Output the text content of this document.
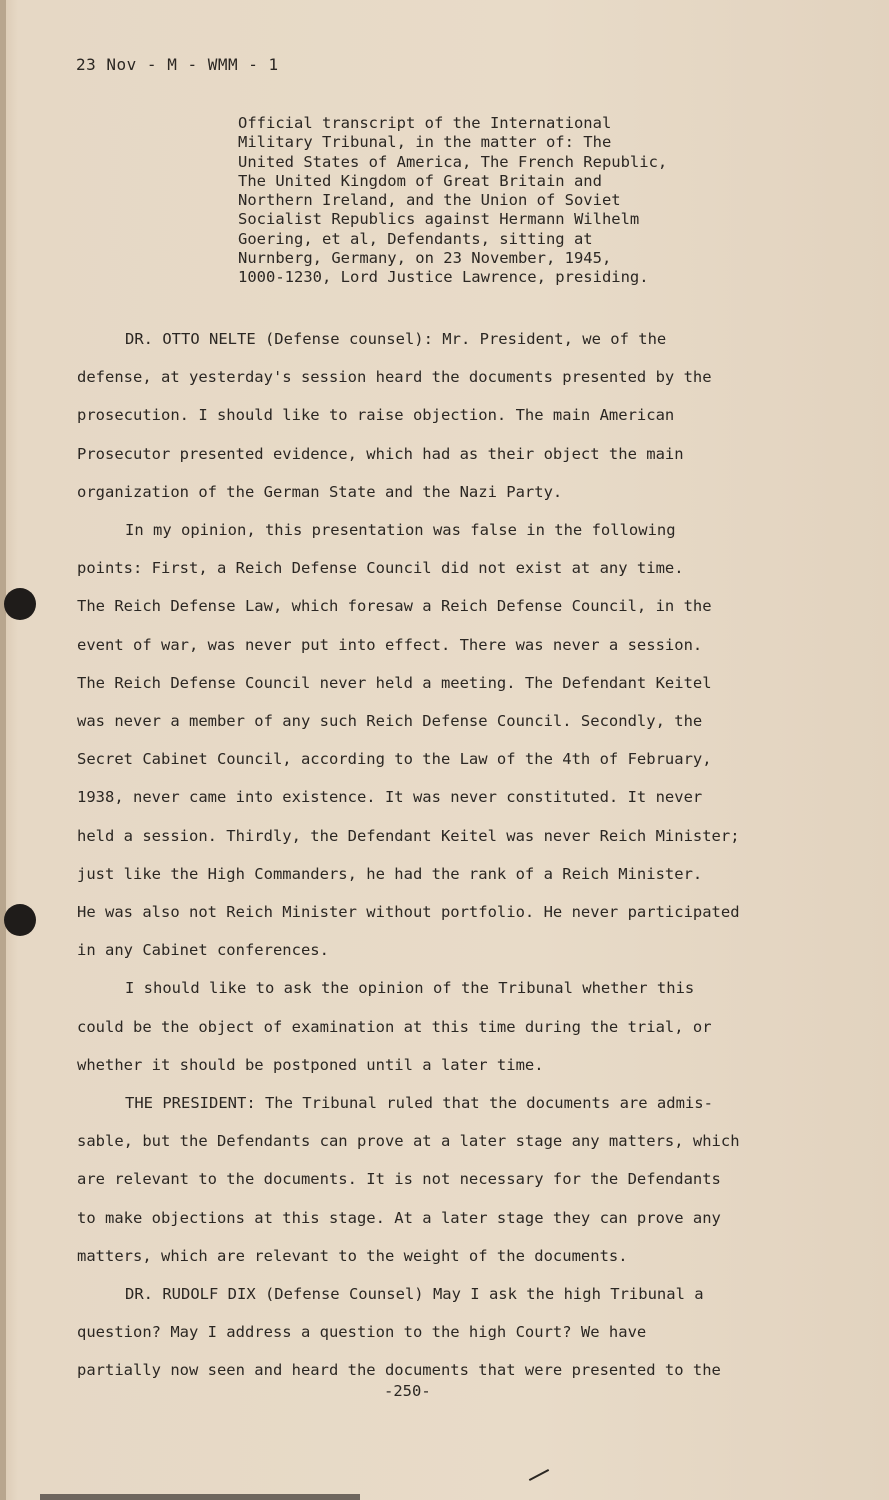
23 Nov - M - WMM - 1
Official transcript of the International
Military Tribunal, in the matter of: The
United States of America, The French Republic,
The United Kingdom of Great Britain and
Northern Ireland, and the Union of Soviet
Socialist Republics against Hermann Wilhelm
Goering, et al, Defendants, sitting at
Nurnberg, Germany, on 23 November, 1945,
1000-1230, Lord Justice Lawrence, presiding.
DR. OTTO NELTE (Defense counsel): Mr. President, we of the
defense, at yesterday's session heard the documents presented by the
prosecution. I should like to raise objection. The main American
Prosecutor presented evidence, which had as their object the main
organization of the German State and the Nazi Party.
In my opinion, this presentation was false in the following
points: First, a Reich Defense Council did not exist at any time.
The Reich Defense Law, which foresaw a Reich Defense Council, in the
event of war, was never put into effect. There was never a session.
The Reich Defense Council never held a meeting. The Defendant Keitel
was never a member of any such Reich Defense Council. Secondly, the
Secret Cabinet Council, according to the Law of the 4th of February,
1938, never came into existence. It was never constituted. It never
held a session. Thirdly, the Defendant Keitel was never Reich Minister;
just like the High Commanders, he had the rank of a Reich Minister.
He was also not Reich Minister without portfolio. He never participated
in any Cabinet conferences.
I should like to ask the opinion of the Tribunal whether this
could be the object of examination at this time during the trial, or
whether it should be postponed until a later time.
THE PRESIDENT: The Tribunal ruled that the documents are admis-
sable, but the Defendants can prove at a later stage any matters, which
are relevant to the documents. It is not necessary for the Defendants
to make objections at this stage. At a later stage they can prove any
matters, which are relevant to the weight of the documents.
DR. RUDOLF DIX (Defense Counsel) May I ask the high Tribunal a
question? May I address a question to the high Court? We have
partially now seen and heard the documents that were presented to the
-250-
